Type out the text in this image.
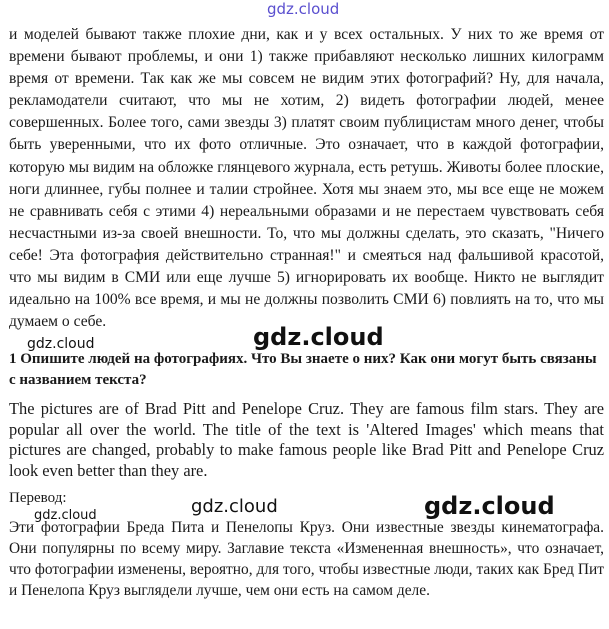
и моделей бывают также плохие дни, как и у всех остальных. У них то же время от времени бывают проблемы, и они 1) также прибавляют несколько лишних килограмм время от времени. Так как же мы совсем не видим этих фотографий? Ну, для начала, рекламодатели считают, что мы не хотим, 2) видеть фотографии людей, менее совершенных. Более того, сами звезды 3) платят своим публицистам много денег, чтобы быть уверенными, что их фото отличные. Это означает, что в каждой фотографии, которую мы видим на обложке глянцевого журнала, есть ретушь. Животы более плоские, ноги длиннее, губы полнее и талии стройнее. Хотя мы знаем это, мы все еще не можем не сравнивать себя с этими 4) нереальными образами и не перестаем чувствовать себя несчастными из-за своей внешности. То, что мы должны сделать, это сказать, "Ничего себе! Эта фотография действительно странная!" и смеяться над фальшивой красотой, что мы видим в СМИ или еще лучше 5) игнорировать их вообще. Никто не выглядит идеально на 100% все время, и мы не должны позволить СМИ 6) повлиять на то, что мы думаем о себе.

1 Опишите людей на фотографиях. Что Вы знаете о них? Как они могут быть связаны с названием текста?

The pictures are of Brad Pitt and Penelope Cruz. They are famous film stars. They are popular all over the world. The title of the text is 'Altered Images' which means that pictures are changed, probably to make famous people like Brad Pitt and Penelope Cruz look even better than they are.

Перевод:

Эти фотографии Бреда Пита и Пенелопы Круз. Они известные звезды кинематографа. Они популярны по всему миру. Заглавие текста «Измененная внешность», что означает, что фотографии изменены, вероятно, для того, чтобы известные люди, таких как Бред Пит и Пенелопа Круз выглядели лучше, чем они есть на самом деле.

gdz.cloud
gdz.cloud
gdz.cloud
gdz.cloud	gdz.cloud
gdz.cloud
